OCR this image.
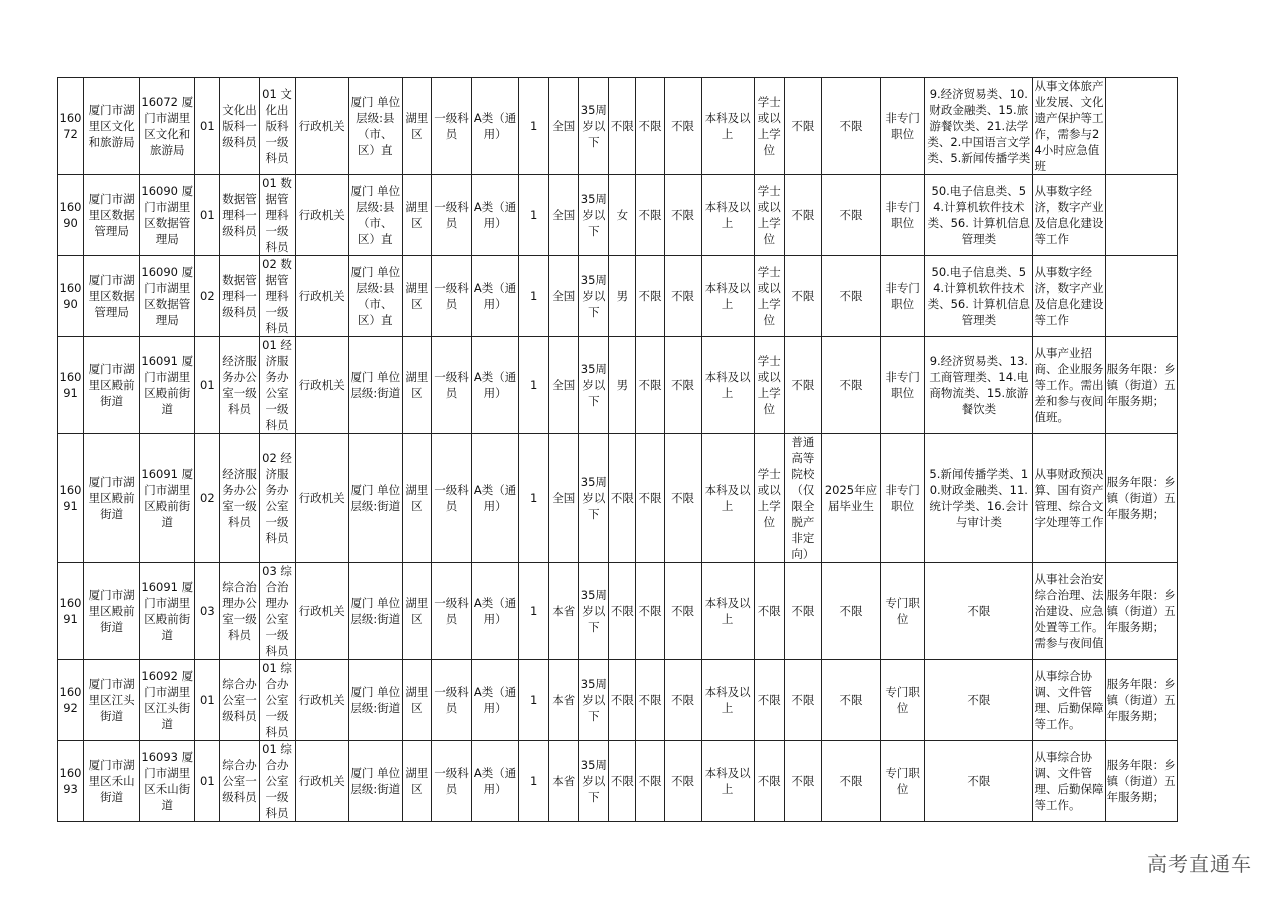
16072	厦门市湖里区文化和旅游局	16072 厦门市湖里区文化和旅游局	01	文化出版科一级科员	01 文化出版科一级科员	行政机关	厦门 单位层级:县（市、区）直	湖里区	一级科员	A类（通用）	1	全国	35周岁以下	不限	不限	不限	本科及以上	学士或以上学位	不限	不限	非专门职位	9.经济贸易类、10.财政金融类、15.旅游餐饮类、21.法学类、2.中国语言文学类、5.新闻传播学类	从事文体旅产业发展、文化遗产保护等工作，需参与24小时应急值班	
16090	厦门市湖里区数据管理局	16090 厦门市湖里区数据管理局	01	数据管理科一级科员	01 数据管理科一级科员	行政机关	厦门 单位层级:县（市、区）直	湖里区	一级科员	A类（通用）	1	全国	35周岁以下	女	不限	不限	本科及以上	学士或以上学位	不限	不限	非专门职位	50.电子信息类、54.计算机软件技术类、56. 计算机信息管理类	从事数字经济，数字产业及信息化建设等工作	
16090	厦门市湖里区数据管理局	16090 厦门市湖里区数据管理局	02	数据管理科一级科员	02 数据管理科一级科员	行政机关	厦门 单位层级:县（市、区）直	湖里区	一级科员	A类（通用）	1	全国	35周岁以下	男	不限	不限	本科及以上	学士或以上学位	不限	不限	非专门职位	50.电子信息类、54.计算机软件技术类、56. 计算机信息管理类	从事数字经济，数字产业及信息化建设等工作	
16091	厦门市湖里区殿前街道	16091 厦门市湖里区殿前街道	01	经济服务办公室一级科员	01 经济服务办公室一级科员	行政机关	厦门 单位层级:街道	湖里区	一级科员	A类（通用）	1	全国	35周岁以下	男	不限	不限	本科及以上	学士或以上学位	不限	不限	非专门职位	9.经济贸易类、13.工商管理类、14.电商物流类、15.旅游餐饮类	从事产业招商、企业服务等工作。需出差和参与夜间值班。	服务年限：乡镇（街道）五年服务期；
16091	厦门市湖里区殿前街道	16091 厦门市湖里区殿前街道	02	经济服务办公室一级科员	02 经济服务办公室一级科员	行政机关	厦门 单位层级:街道	湖里区	一级科员	A类（通用）	1	全国	35周岁以下	不限	不限	不限	本科及以上	学士或以上学位	普通高等院校（仅限全脱产非定向）	2025年应届毕业生	非专门职位	5.新闻传播学类、10.财政金融类、11.统计学类、16.会计与审计类	从事财政预决算、国有资产管理、综合文字处理等工作	服务年限：乡镇（街道）五年服务期；
16091	厦门市湖里区殿前街道	16091 厦门市湖里区殿前街道	03	综合治理办公室一级科员	03 综合治理办公室一级科员	行政机关	厦门 单位层级:街道	湖里区	一级科员	A类（通用）	1	本省	35周岁以下	不限	不限	不限	本科及以上	不限	不限	不限	专门职位	不限	从事社会治安综合治理、法治建设、应急处置等工作。需参与夜间值	服务年限：乡镇（街道）五年服务期；
16092	厦门市湖里区江头街道	16092 厦门市湖里区江头街道	01	综合办公室一级科员	01 综合办公室一级科员	行政机关	厦门 单位层级:街道	湖里区	一级科员	A类（通用）	1	本省	35周岁以下	不限	不限	不限	本科及以上	不限	不限	不限	专门职位	不限	从事综合协调、文件管理、后勤保障等工作。	服务年限：乡镇（街道）五年服务期；
16093	厦门市湖里区禾山街道	16093 厦门市湖里区禾山街道	01	综合办公室一级科员	01 综合办公室一级科员	行政机关	厦门 单位层级:街道	湖里区	一级科员	A类（通用）	1	本省	35周岁以下	不限	不限	不限	本科及以上	不限	不限	不限	专门职位	不限	从事综合协调、文件管理、后勤保障等工作。	服务年限：乡镇（街道）五年服务期；
高考直通车
